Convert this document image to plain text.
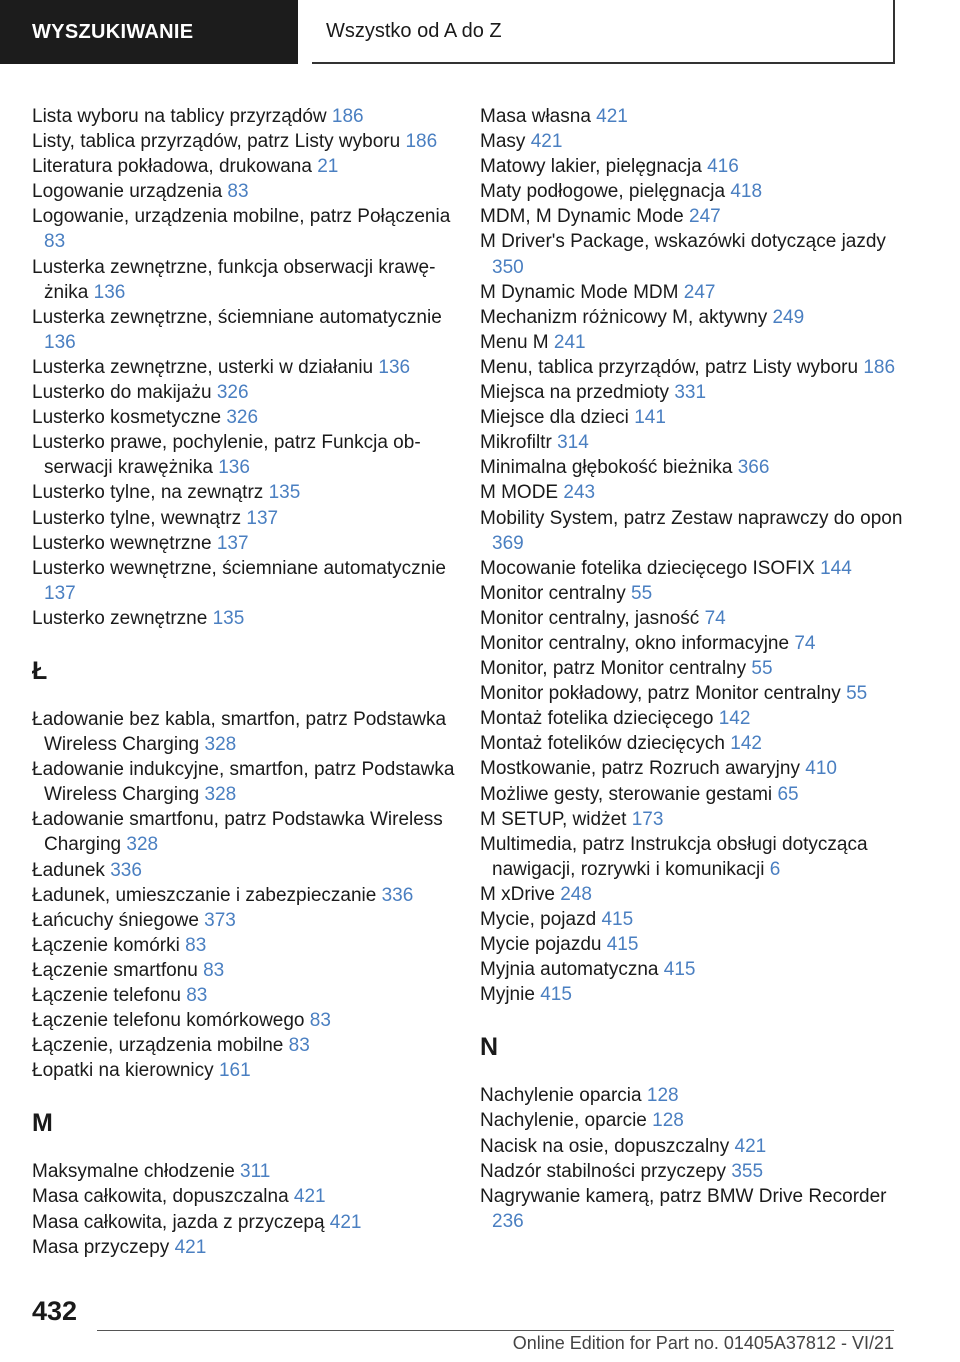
WYSZUKIWANIE	Wszystko od A do Z
Lista wyboru na tablicy przyrządów 186
Listy, tablica przyrządów, patrz Listy wyboru 186
Literatura pokładowa, drukowana 21
Logowanie urządzenia 83
Logowanie, urządzenia mobilne, patrz Połączenia 83
Lusterka zewnętrzne, funkcja obserwacji krawężnika 136
Lusterka zewnętrzne, ściemniane automatycznie 136
Lusterka zewnętrzne, usterki w działaniu 136
Lusterko do makijażu 326
Lusterko kosmetyczne 326
Lusterko prawe, pochylenie, patrz Funkcja obserwacji krawężnika 136
Lusterko tylne, na zewnątrz 135
Lusterko tylne, wewnątrz 137
Lusterko wewnętrzne 137
Lusterko wewnętrzne, ściemniane automatycznie 137
Lusterko zewnętrzne 135
Ł
Ładowanie bez kabla, smartfon, patrz Podstawka Wireless Charging 328
Ładowanie indukcyjne, smartfon, patrz Podstawka Wireless Charging 328
Ładowanie smartfonu, patrz Podstawka Wireless Charging 328
Ładunek 336
Ładunek, umieszczanie i zabezpieczanie 336
Łańcuchy śniegowe 373
Łączenie komórki 83
Łączenie smartfonu 83
Łączenie telefonu 83
Łączenie telefonu komórkowego 83
Łączenie, urządzenia mobilne 83
Łopatki na kierownicy 161
M
Maksymalne chłodzenie 311
Masa całkowita, dopuszczalna 421
Masa całkowita, jazda z przyczepą 421
Masa przyczepy 421
Masa własna 421
Masy 421
Matowy lakier, pielęgnacja 416
Maty podłogowe, pielęgnacja 418
MDM, M Dynamic Mode 247
M Driver's Package, wskazówki dotyczące jazdy 350
M Dynamic Mode MDM 247
Mechanizm różnicowy M, aktywny 249
Menu M 241
Menu, tablica przyrządów, patrz Listy wyboru 186
Miejsca na przedmioty 331
Miejsce dla dzieci 141
Mikrofiltr 314
Minimalna głębokość bieżnika 366
M MODE 243
Mobility System, patrz Zestaw naprawczy do opon 369
Mocowanie fotelika dziecięcego ISOFIX 144
Monitor centralny 55
Monitor centralny, jasność 74
Monitor centralny, okno informacyjne 74
Monitor, patrz Monitor centralny 55
Monitor pokładowy, patrz Monitor centralny 55
Montaż fotelika dziecięcego 142
Montaż fotelików dziecięcych 142
Mostkowanie, patrz Rozruch awaryjny 410
Możliwe gesty, sterowanie gestami 65
M SETUP, widżet 173
Multimedia, patrz Instrukcja obsługi dotycząca nawigacji, rozrywki i komunikacji 6
M xDrive 248
Mycie, pojazd 415
Mycie pojazdu 415
Myjnia automatyczna 415
Myjnie 415
N
Nachylenie oparcia 128
Nachylenie, oparcie 128
Nacisk na osie, dopuszczalny 421
Nadzór stabilności przyczepy 355
Nagrywanie kamerą, patrz BMW Drive Recorder 236
432
Online Edition for Part no. 01405A37812 - VI/21
